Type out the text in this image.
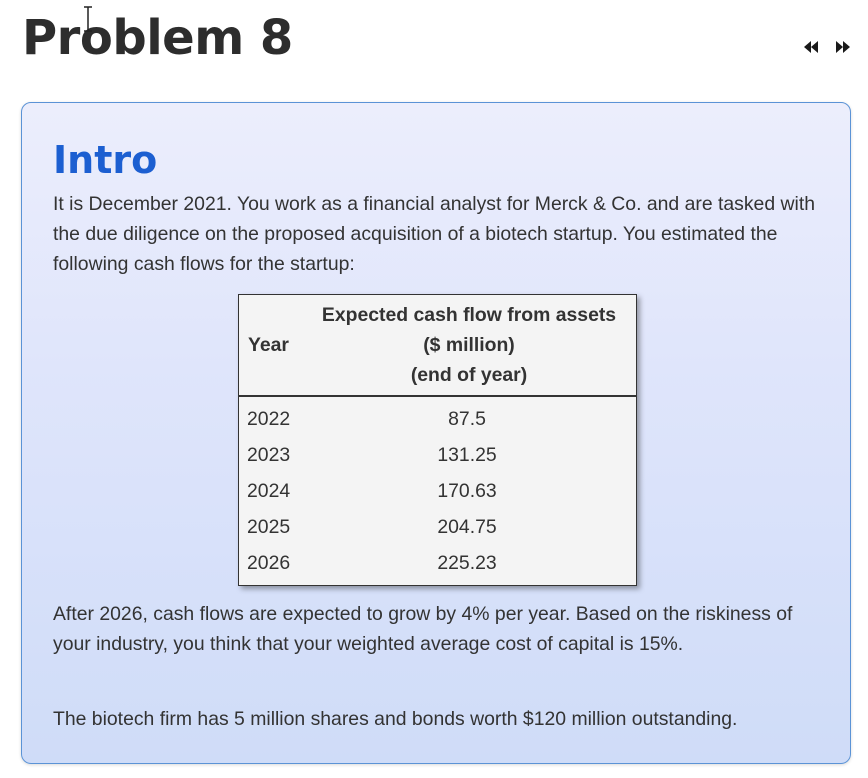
Problem 8
Intro

It is December 2021. You work as a financial analyst for Merck & Co. and are tasked with the due diligence on the proposed acquisition of a biotech startup. You estimated the following cash flows for the startup:

Year	Expected cash flow from assets
($ million)
(end of year)

2022	87.5
2023	131.25
2024	170.63
2025	204.75
2026	225.23

After 2026, cash flows are expected to grow by 4% per year. Based on the riskiness of your industry, you think that your weighted average cost of capital is 15%.

The biotech firm has 5 million shares and bonds worth $120 million outstanding.
